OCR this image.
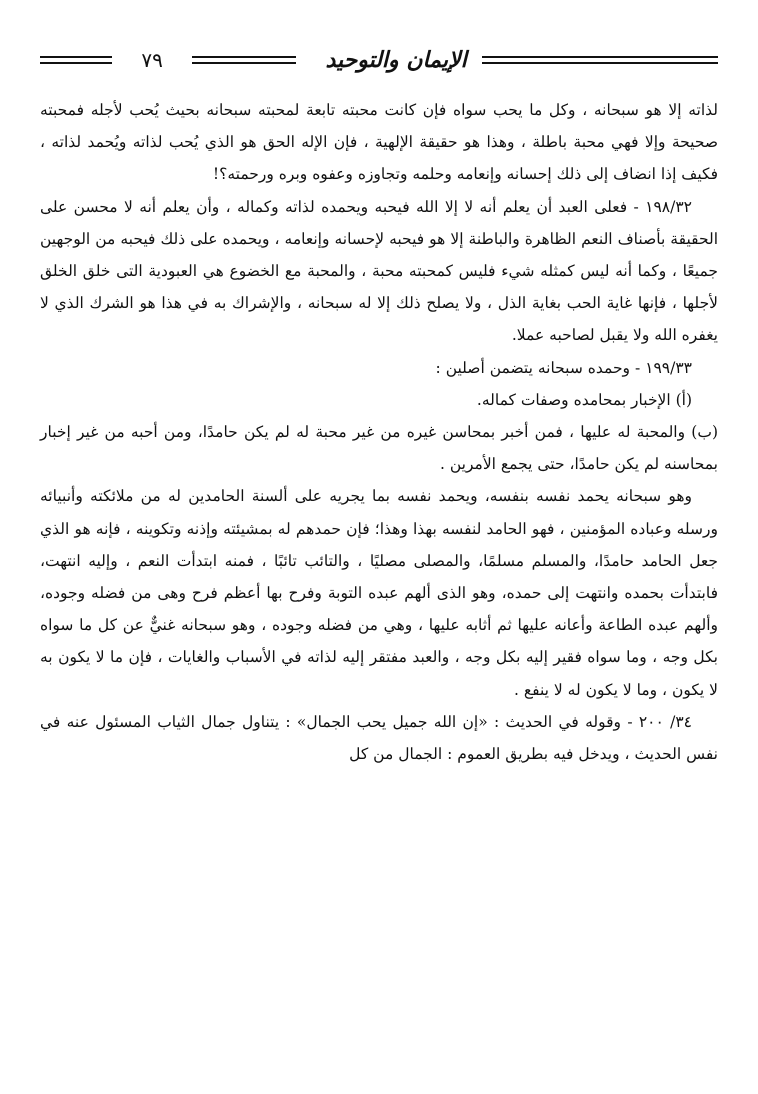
الإيمان والتوحيد
٧٩

لذاته إلا هو سبحانه ، وكل ما يحب سواه فإن كانت محبته تابعة لمحبته سبحانه بحيث يُحب لأجله فمحبته صحيحة وإلا فهي محبة باطلة ، وهذا هو حقيقة الإلهية ، فإن الإله الحق هو الذي يُحب لذاته ويُحمد لذاته ، فكيف إذا انضاف إلى ذلك إحسانه وإنعامه وحلمه وتجاوزه وعفوه وبره ورحمته؟!

١٩٨/٣٢ - فعلى العبد أن يعلم أنه لا إلا الله فيحبه ويحمده لذاته وكماله ، وأن يعلم أنه لا محسن على الحقيقة بأصناف النعم الظاهرة والباطنة إلا هو فيحبه لإحسانه وإنعامه ، ويحمده على ذلك فيحبه من الوجهين جميعًا ، وكما أنه ليس كمثله شيء فليس كمحبته محبة ، والمحبة مع الخضوع هي العبودية التى خلق الخلق لأجلها ، فإنها غاية الحب بغاية الذل ، ولا يصلح ذلك إلا له سبحانه ، والإشراك به في هذا هو الشرك الذي لا يغفره الله ولا يقبل لصاحبه عملا.

١٩٩/٣٣ - وحمده سبحانه يتضمن أصلين :

(أ) الإخبار بمحامده وصفات كماله.

(ب) والمحبة له عليها ، فمن أخبر بمحاسن غيره من غير محبة له لم يكن حامدًا، ومن أحبه من غير إخبار بمحاسنه لم يكن حامدًا، حتى يجمع الأمرين .

وهو سبحانه يحمد نفسه بنفسه، ويحمد نفسه بما يجريه على ألسنة الحامدين له من ملائكته وأنبيائه ورسله وعباده المؤمنين ، فهو الحامد لنفسه بهذا وهذا؛ فإن حمدهم له بمشيئته وإذنه وتكوينه ، فإنه هو الذي جعل الحامد حامدًا، والمسلم مسلمًا، والمصلى مصليًا ، والتائب تائبًا ، فمنه ابتدأت النعم ، وإليه انتهت، فابتدأت بحمده وانتهت إلى حمده، وهو الذى ألهم عبده التوبة وفرح بها أعظم فرح وهى من فضله وجوده، وألهم عبده الطاعة وأعانه عليها ثم أثابه عليها ، وهي من فضله وجوده ، وهو سبحانه غنيٌّ عن كل ما سواه بكل وجه ، وما سواه فقير إليه بكل وجه ، والعبد مفتقر إليه لذاته في الأسباب والغايات ، فإن ما لا يكون به لا يكون ، وما لا يكون له لا ينفع .

٣٤/ ٢٠٠ - وقوله في الحديث : «إن الله جميل يحب الجمال» : يتناول جمال الثياب المسئول عنه في نفس الحديث ، ويدخل فيه بطريق العموم : الجمال من كل
